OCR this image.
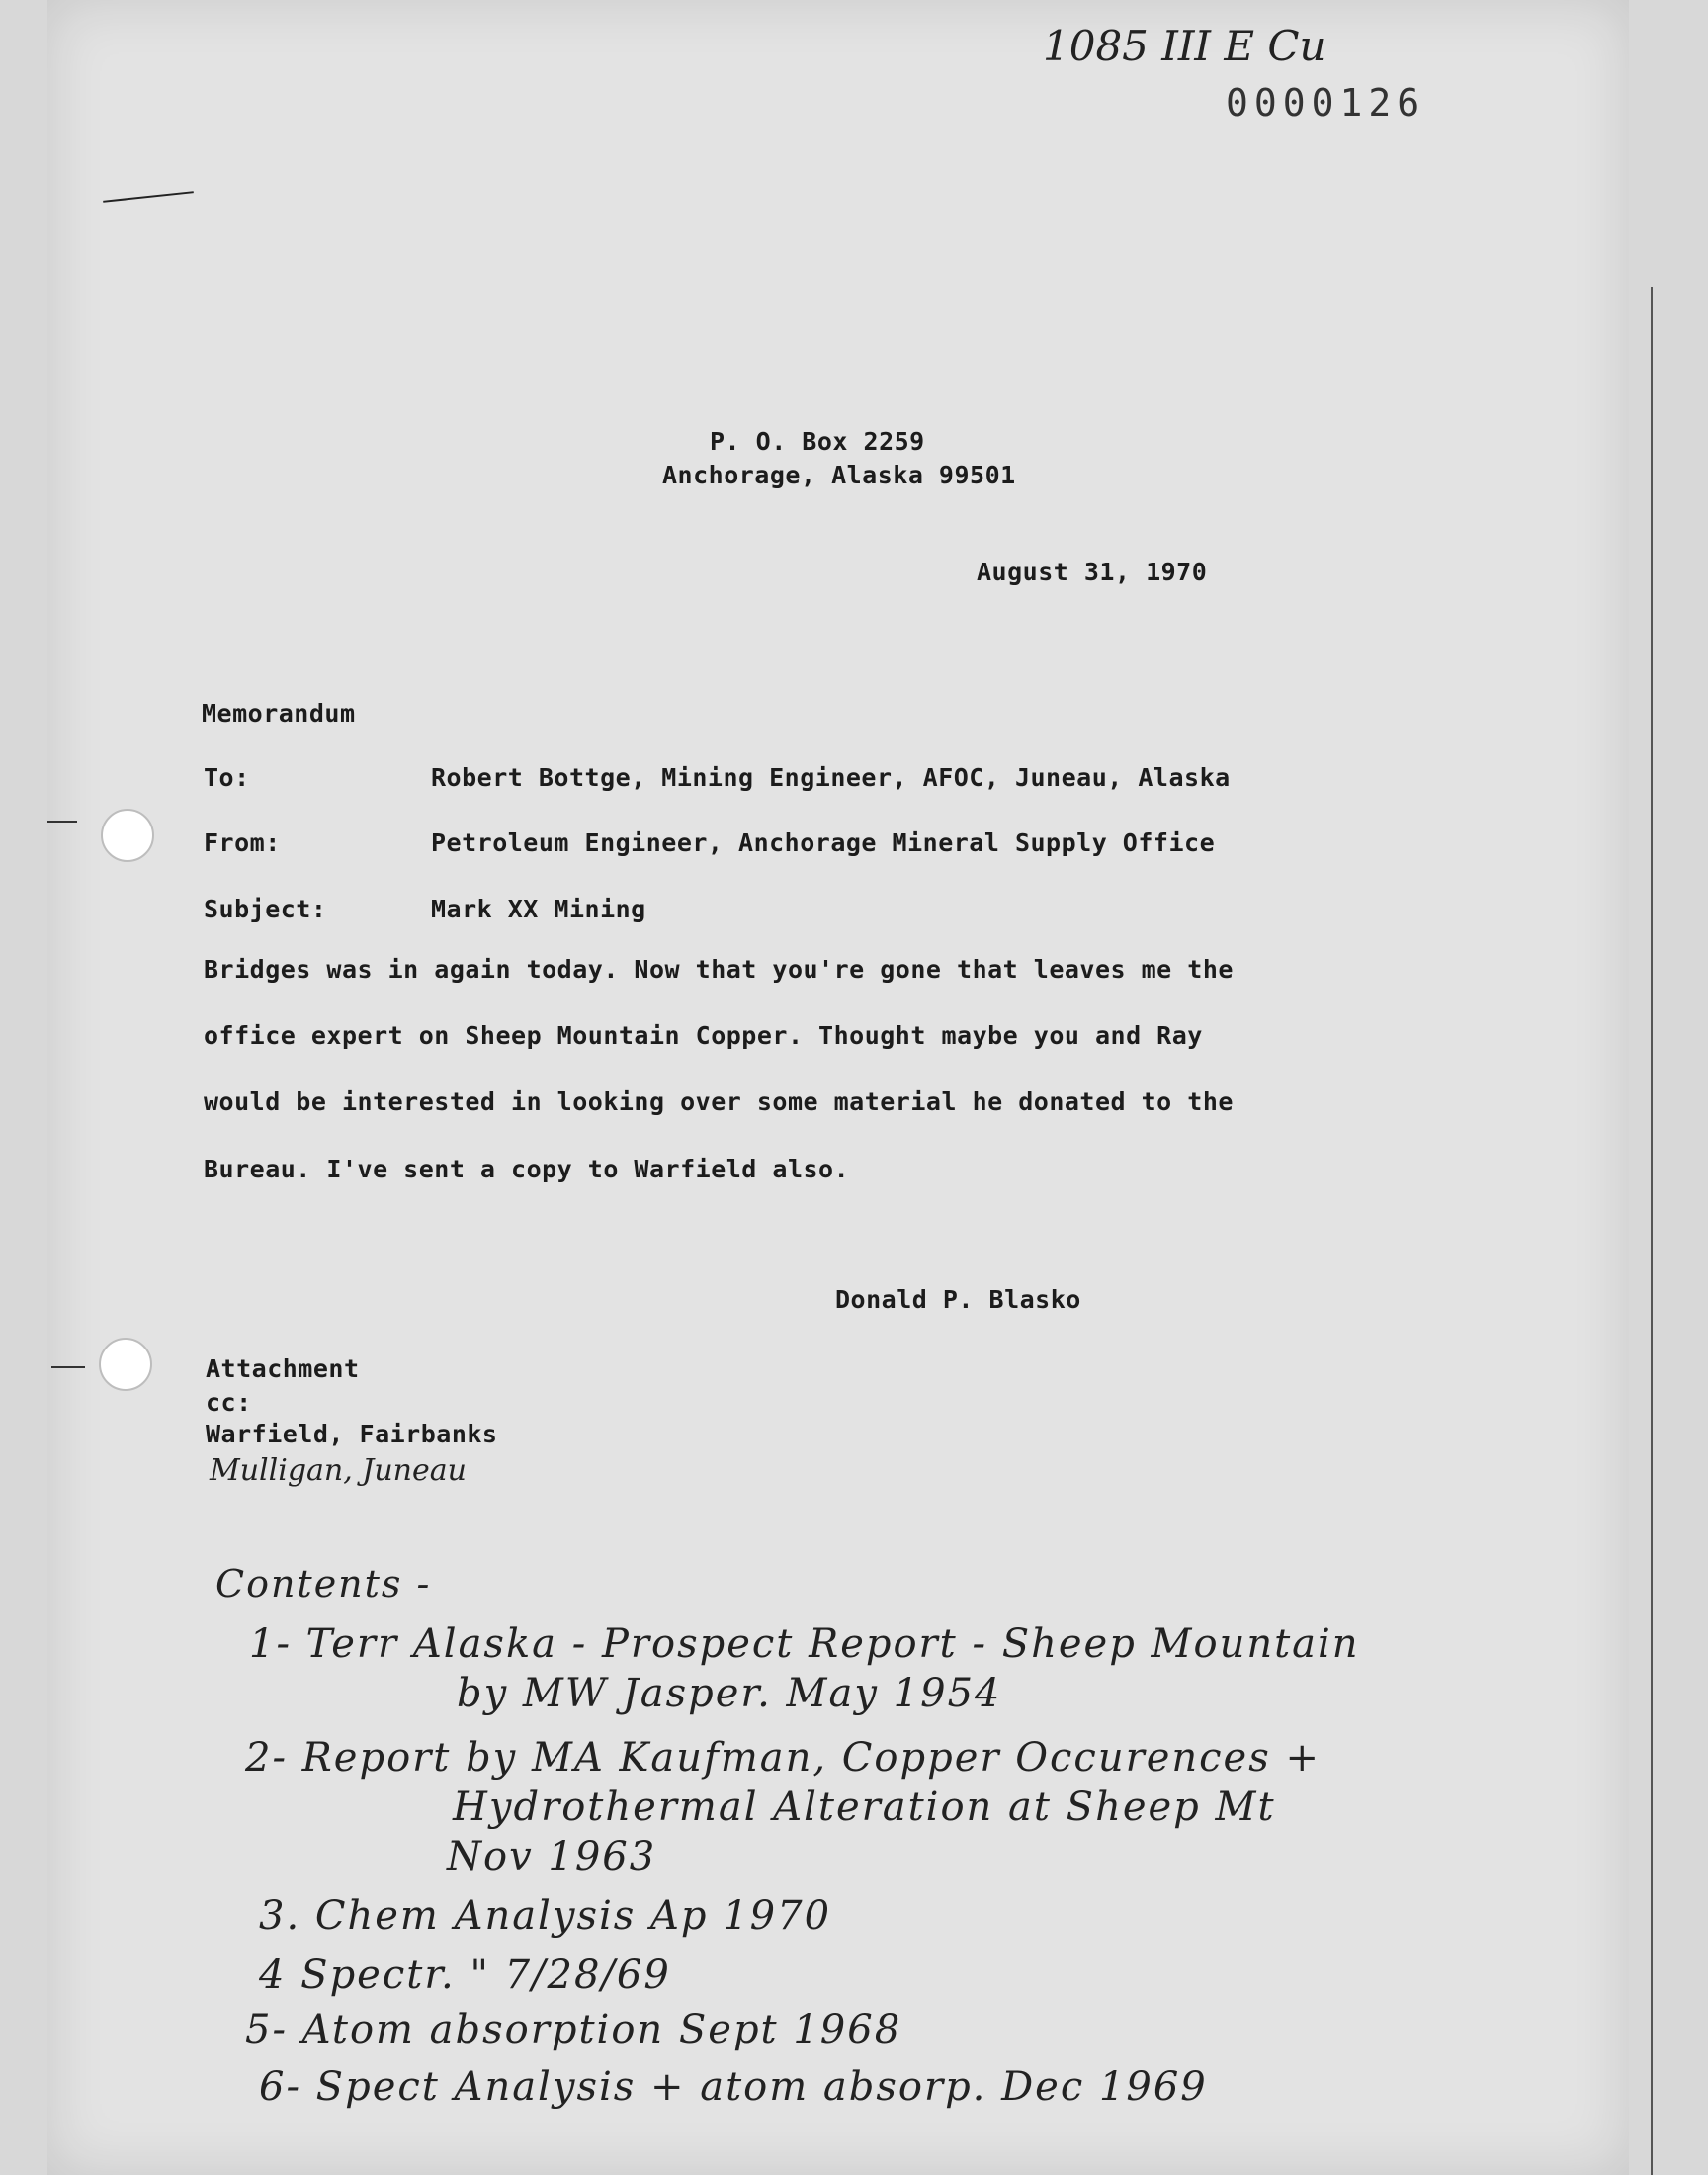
1085 III E Cu
0000126
P. O. Box 2259
Anchorage, Alaska 99501
August 31, 1970
Memorandum
To:	Robert Bottge, Mining Engineer, AFOC, Juneau, Alaska
From:	Petroleum Engineer, Anchorage Mineral Supply Office
Subject:	Mark XX Mining
Bridges was in again today. Now that you're gone that leaves me the
office expert on Sheep Mountain Copper. Thought maybe you and Ray
would be interested in looking over some material he donated to the
Bureau. I've sent a copy to Warfield also.
Donald P. Blasko
Attachment
cc:
Warfield, Fairbanks
Mulligan, Juneau
Contents -
1- Terr Alaska - Prospect Report - Sheep Mountain
by MW Jasper. May 1954
2- Report by MA Kaufman, Copper Occurences +
Hydrothermal Alteration at Sheep Mt
Nov 1963
3. Chem Analysis Ap 1970
4 Spectr. " 7/28/69
5- Atom absorption Sept 1968
6- Spect Analysis + atom absorp. Dec 1969
